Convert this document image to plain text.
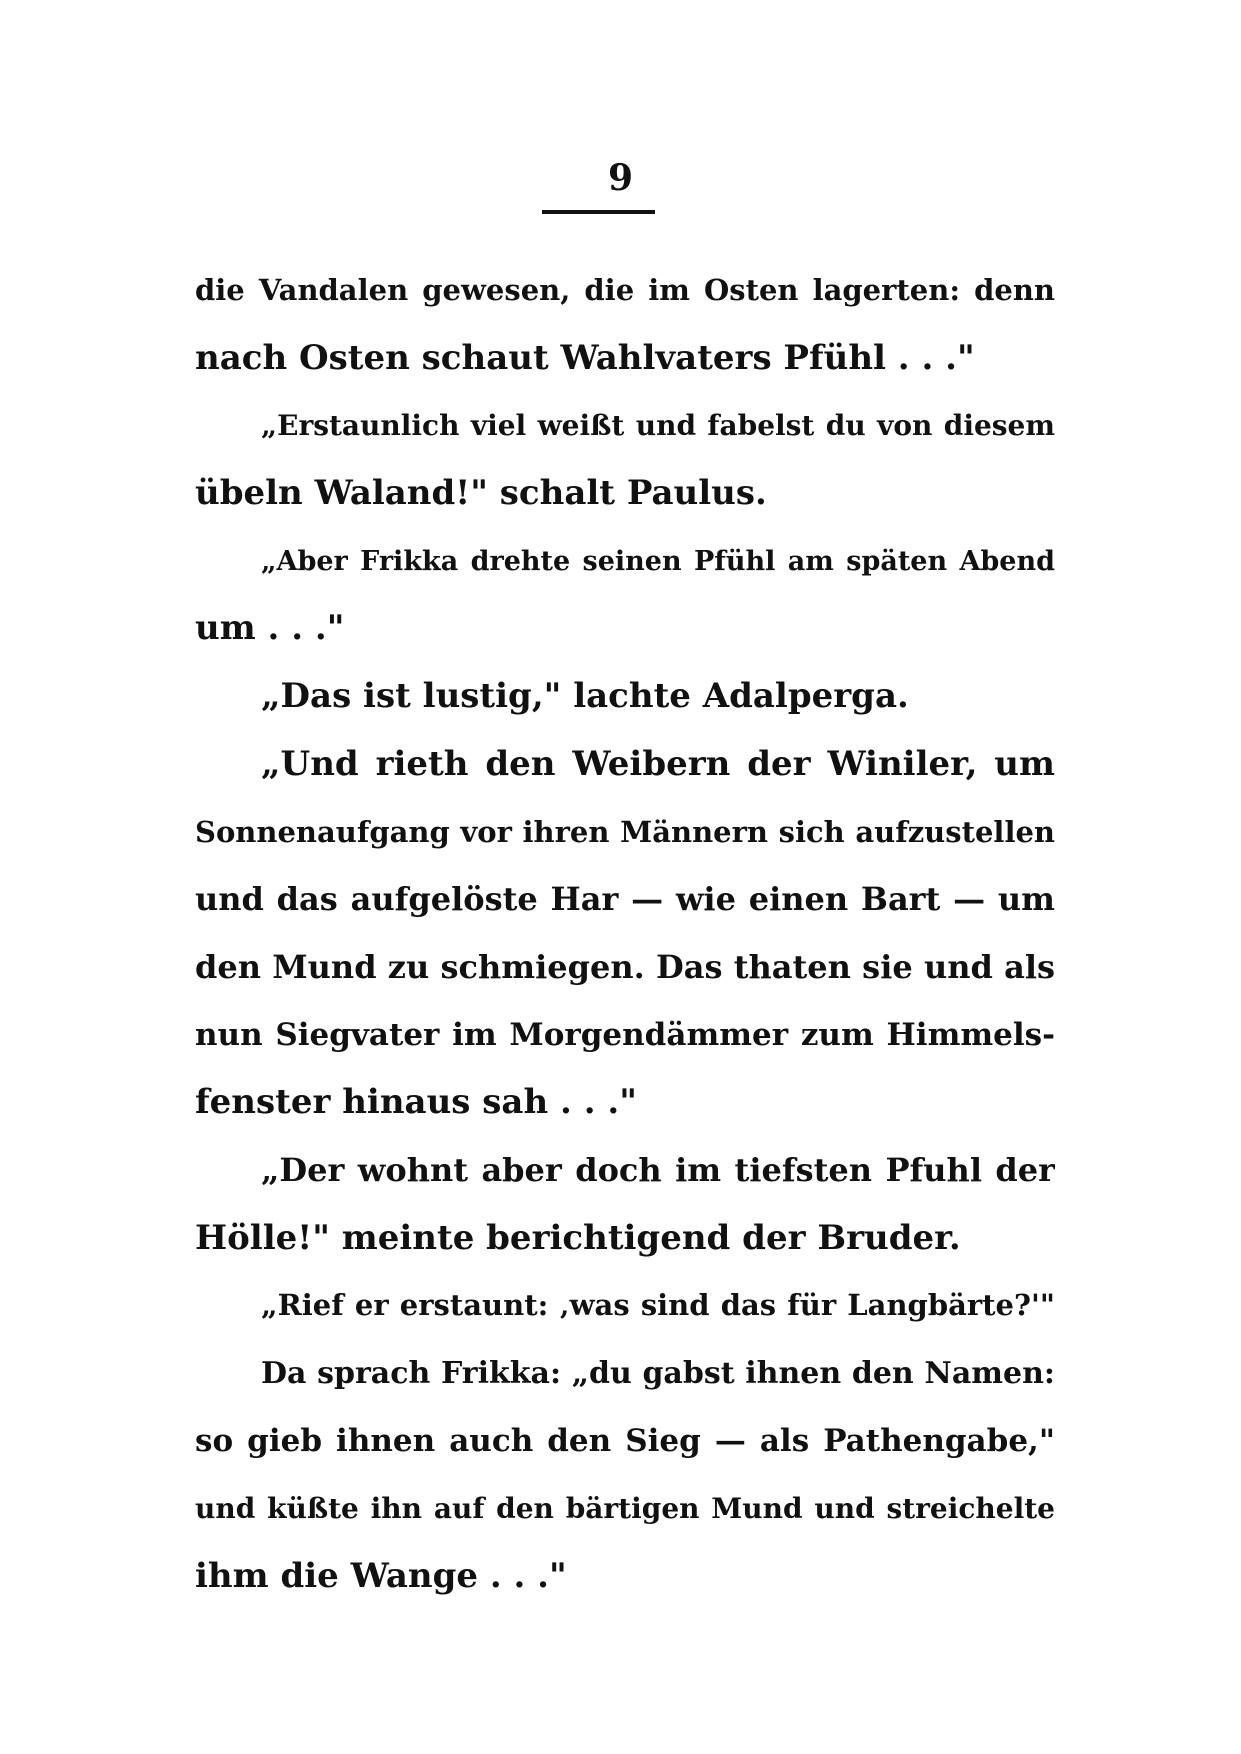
9
die Vandalen gewesen, die im Osten lagerten: denn
nach Osten schaut Wahlvaters Pfühl . . ."
„Erstaunlich viel weißt und fabelst du von diesem
übeln Waland!" schalt Paulus.
„Aber Frikka drehte seinen Pfühl am späten Abend
um . . ."
„Das ist lustig," lachte Adalperga.
„Und rieth den Weibern der Winiler, um
Sonnenaufgang vor ihren Männern sich aufzustellen
und das aufgelöste Har — wie einen Bart — um
den Mund zu schmiegen. Das thaten sie und als
nun Siegvater im Morgendämmer zum Himmels-
fenster hinaus sah . . ."
„Der wohnt aber doch im tiefsten Pfuhl der
Hölle!" meinte berichtigend der Bruder.
„Rief er erstaunt: ‚was sind das für Langbärte?'"
Da sprach Frikka: „du gabst ihnen den Namen:
so gieb ihnen auch den Sieg — als Pathengabe,"
und küßte ihn auf den bärtigen Mund und streichelte
ihm die Wange . . ."
